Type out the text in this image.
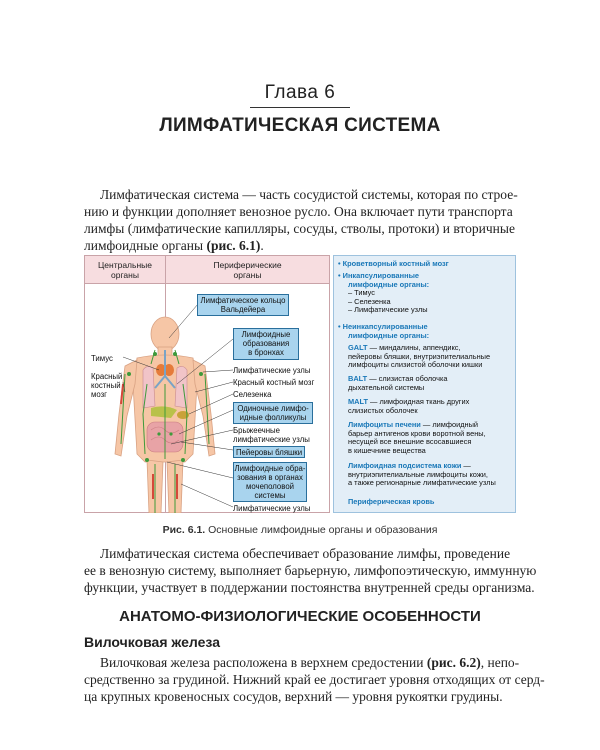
Глава 6
ЛИМФАТИЧЕСКАЯ СИСТЕМА
Лимфатическая система — часть сосудистой системы, которая по строе-
нию и функции дополняет венозное русло. Она включает пути транспорта
лимфы (лимфатические капилляры, сосуды, стволы, протоки) и вторичные
лимфоидные органы (рис. 6.1).
Центральные
органы
Периферические
органы
Тимус
Красный
костный
мозг
Лимфатическое кольцо
Вальдейера
Лимфоидные
образования
в бронхах
Лимфатические узлы
Красный костный мозг
Селезенка
Одиночные лимфо-
идные фолликулы
Брыжеечные
лимфатические узлы
Пейеровы бляшки
Лимфоидные обра-
зования в органах
мочеполовой
системы
Лимфатические узлы
• Кроветворный костный мозг
• Инкапсулированные
лимфоидные органы:
– Тимус
– Селезенка
– Лимфатические узлы
• Неинкапсулированные
лимфоидные органы:
GALT — миндалины, аппендикс,
пейеровы бляшки, внутриэпителиальные
лимфоциты слизистой оболочки кишки
BALT — слизистая оболочка
дыхательной системы
MALT — лимфоидная ткань других
слизистых оболочек
Лимфоциты печени — лимфоидный
барьер антигенов крови воротной вены,
несущей все внешние всосавшиеся
в кишечнике вещества
Лимфоидная подсистема кожи —
внутриэпителиальные лимфоциты кожи,
а также регионарные лимфатические узлы
Периферическая кровь
Рис. 6.1. Основные лимфоидные органы и образования
Лимфатическая система обеспечивает образование лимфы, проведение
ее в венозную систему, выполняет барьерную, лимфопоэтическую, иммунную
функции, участвует в поддержании постоянства внутренней среды организма.
АНАТОМО-ФИЗИОЛОГИЧЕСКИЕ ОСОБЕННОСТИ
Вилочковая железа
Вилочковая железа расположена в верхнем средостении (рис. 6.2), непо-
средственно за грудиной. Нижний край ее достигает уровня отходящих от серд-
ца крупных кровеносных сосудов, верхний — уровня рукоятки грудины.
